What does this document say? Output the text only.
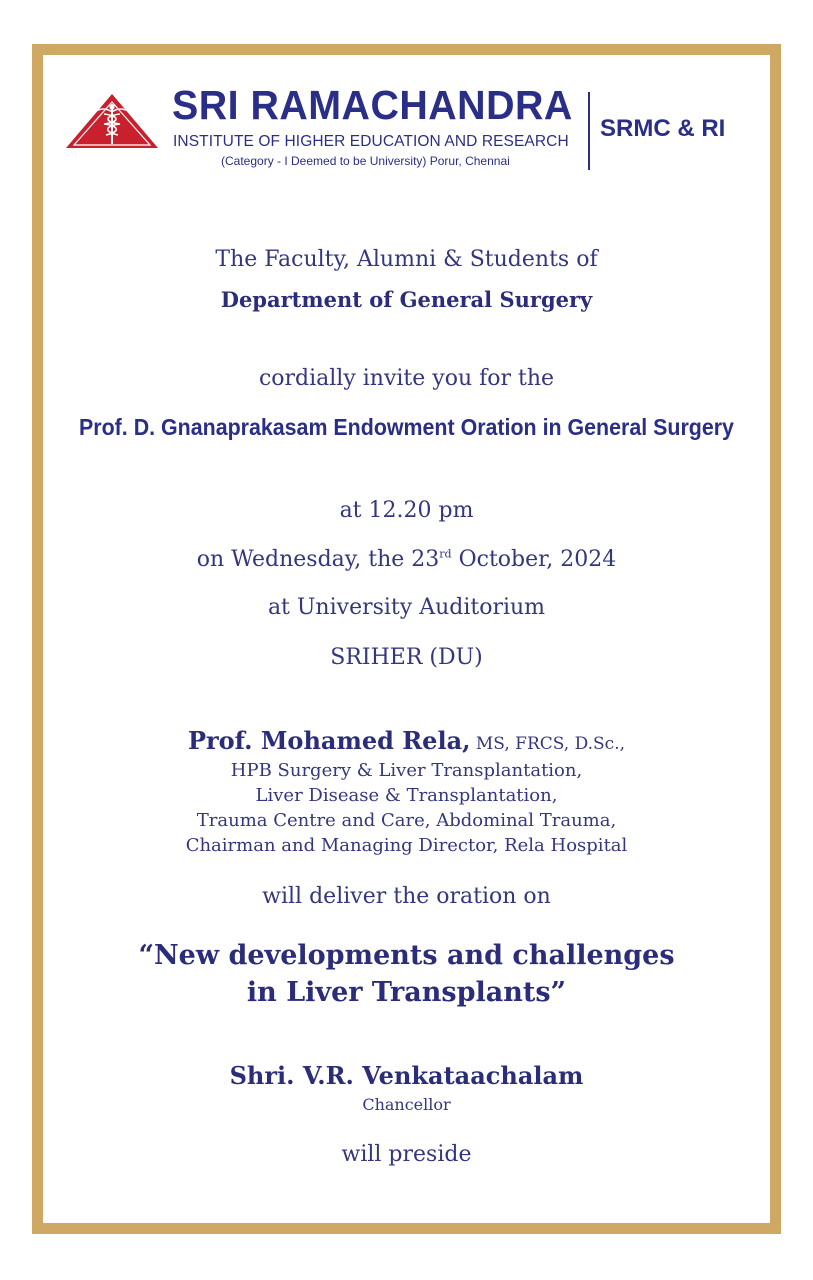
SRI RAMACHANDRA
INSTITUTE OF HIGHER EDUCATION AND RESEARCH
(Category - I Deemed to be University) Porur, Chennai
SRMC & RI
The Faculty, Alumni & Students of
Department of General Surgery
cordially invite you for the
Prof. D. Gnanaprakasam Endowment Oration in General Surgery
at 12.20 pm
on Wednesday, the 23rd October, 2024
at University Auditorium
SRIHER (DU)
Prof. Mohamed Rela, MS, FRCS, D.Sc.,
HPB Surgery & Liver Transplantation,
Liver Disease & Transplantation,
Trauma Centre and Care, Abdominal Trauma,
Chairman and Managing Director, Rela Hospital
will deliver the oration on
“New developments and challenges
in Liver Transplants”
Shri. V.R. Venkataachalam
Chancellor
will preside
